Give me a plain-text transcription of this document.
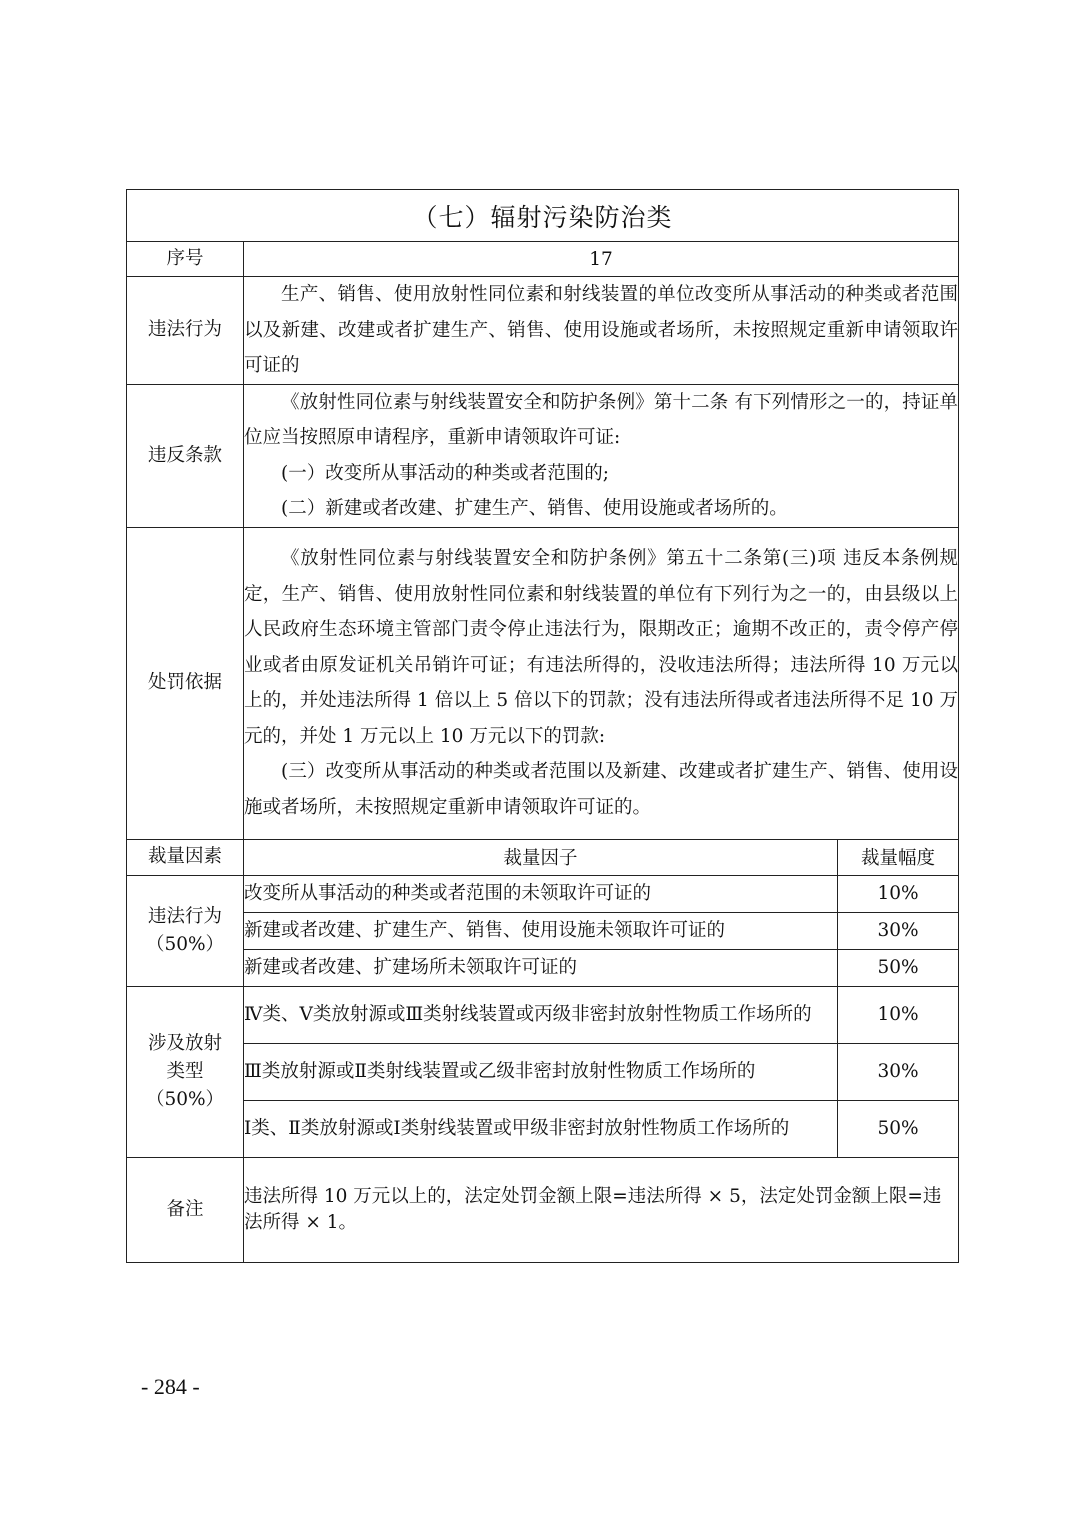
（七）辐射污染防治类		
序号	17	
违法行为	生产、销售、使用放射性同位素和射线装置的单位改变所从事活动的种类或者范围以及新建、改建或者扩建生产、销售、使用设施或者场所，未按照规定重新申请领取许可证的	

违反条款	《放射性同位素与射线装置安全和防护条例》第十二条 有下列情形之一的，持证单位应当按照原申请程序，重新申请领取许可证:

(一）改变所从事活动的种类或者范围的;

(二）新建或者改建、扩建生产、销售、使用设施或者场所的。	

处罚依据	《放射性同位素与射线装置安全和防护条例》第五十二条第(三)项 违反本条例规定，生产、销售、使用放射性同位素和射线装置的单位有下列行为之一的，由县级以上人民政府生态环境主管部门责令停止违法行为，限期改正；逾期不改正的，责令停产停业或者由原发证机关吊销许可证；有违法所得的，没收违法所得；违法所得 10 万元以上的，并处违法所得 1 倍以上 5 倍以下的罚款；没有违法所得或者违法所得不足 10 万元的，并处 1 万元以上 10 万元以下的罚款:

(三）改变所从事活动的种类或者范围以及新建、改建或者扩建生产、销售、使用设施或者场所，未按照规定重新申请领取许可证的。	

裁量因素	裁量因子	裁量幅度

违法行为
（50%）	改变所从事活动的种类或者范围的未领取许可证的	10%
	新建或者改建、扩建生产、销售、使用设施未领取许可证的	30%
	新建或者改建、扩建场所未领取许可证的	50%

涉及放射
类型
（50%）	Ⅳ类、Ⅴ类放射源或Ⅲ类射线装置或丙级非密封放射性物质工作场所的	10%
	Ⅲ类放射源或Ⅱ类射线装置或乙级非密封放射性物质工作场所的	30%
	Ⅰ类、Ⅱ类放射源或Ⅰ类射线装置或甲级非密封放射性物质工作场所的	50%
备注	违法所得 10 万元以上的，法定处罚金额上限=违法所得 × 5，法定处罚金额上限=违法所得 × 1。	
- 284 -
